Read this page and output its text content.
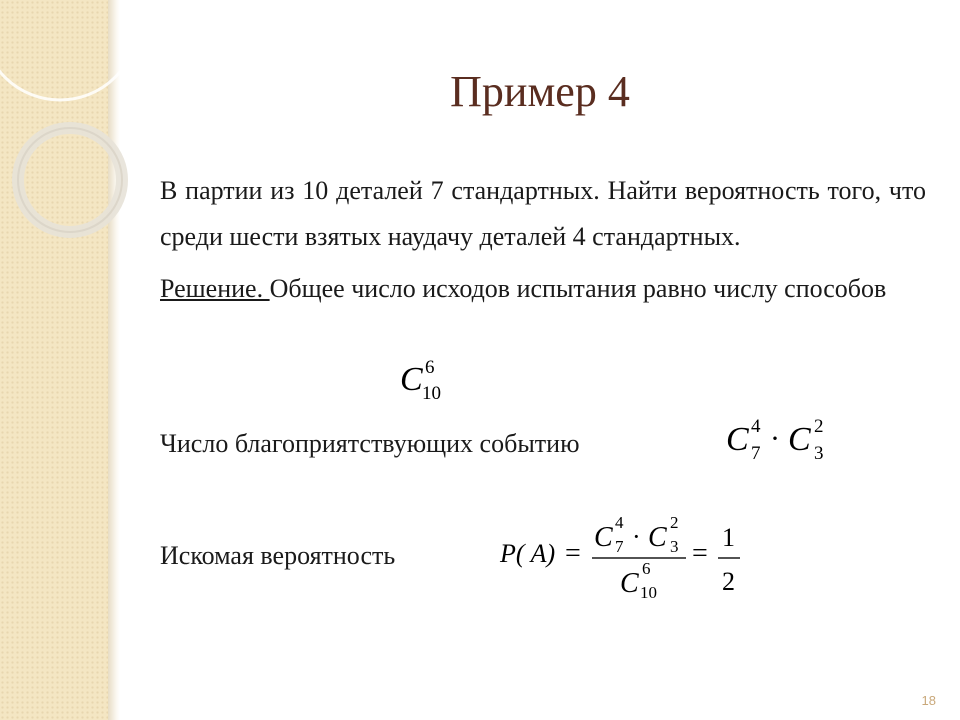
Пример 4

В партии из 10 деталей 7 стандартных. Найти вероятность того, что среди шести взятых наудачу деталей 4 стандартных.

Решение. Общее число исходов испытания равно числу способов

C 6
10
Число благоприятствующих событию	C 4
7 · C 2
3
Искомая вероятность	P( A) =
C 4
7 · C 2
3
C 6
10
=
1
2
18
